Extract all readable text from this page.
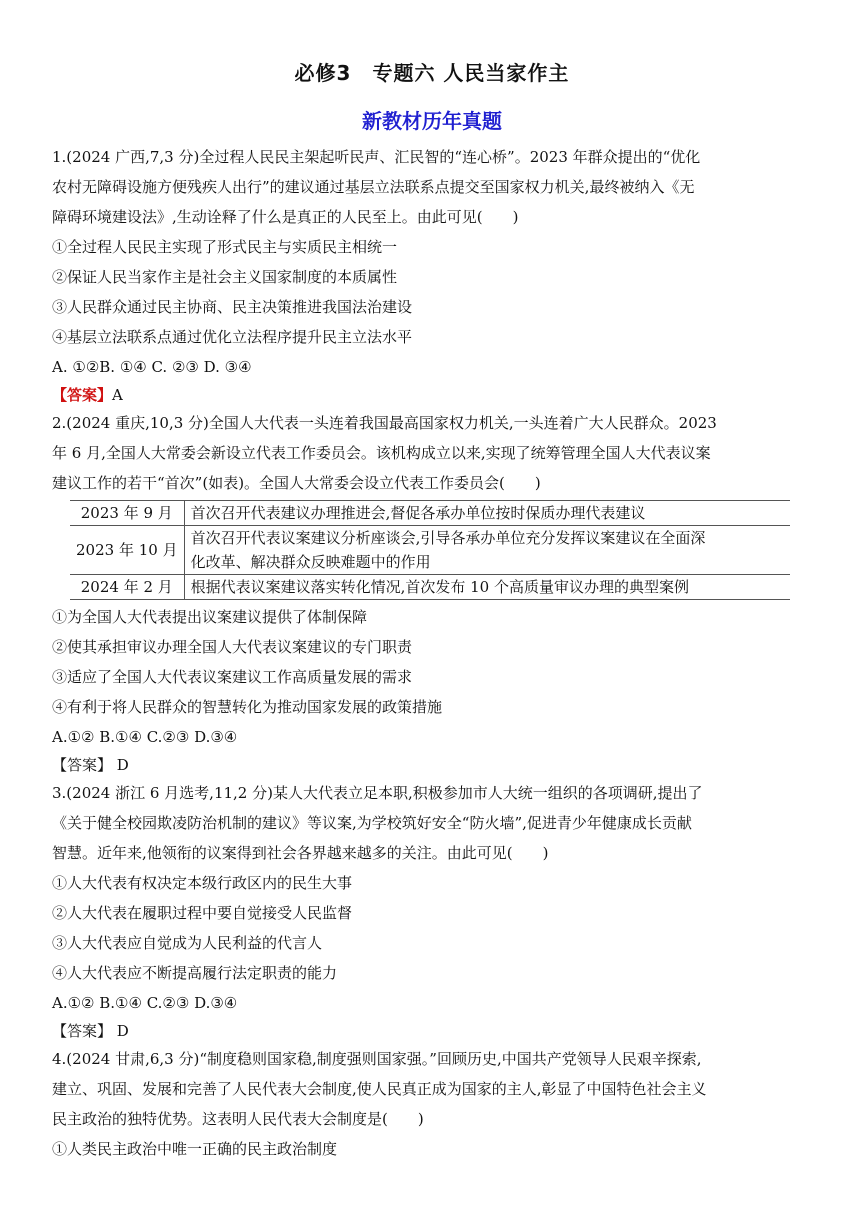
必修3　专题六 人民当家作主
新教材历年真题
1.(2024 广西,7,3 分)全过程人民民主架起听民声、汇民智的“连心桥”。2023 年群众提出的“优化
农村无障碍设施方便残疾人出行”的建议通过基层立法联系点提交至国家权力机关,最终被纳入《无
障碍环境建设法》,生动诠释了什么是真正的人民至上。由此可见(　　)
①全过程人民民主实现了形式民主与实质民主相统一
②保证人民当家作主是社会主义国家制度的本质属性
③人民群众通过民主协商、民主决策推进我国法治建设
④基层立法联系点通过优化立法程序提升民主立法水平
A. ①②B. ①④ C. ②③ D. ③④
【答案】A
2.(2024 重庆,10,3 分)全国人大代表一头连着我国最高国家权力机关,一头连着广大人民群众。2023
年 6 月,全国人大常委会新设立代表工作委员会。该机构成立以来,实现了统筹管理全国人大代表议案
建议工作的若干“首次”(如表)。全国人大常委会设立代表工作委员会(　　)
2023 年 9 月	首次召开代表建议办理推进会,督促各承办单位按时保质办理代表建议
2023 年 10 月	首次召开代表议案建议分析座谈会,引导各承办单位充分发挥议案建议在全面深
化改革、解决群众反映难题中的作用

2024 年 2 月	根据代表议案建议落实转化情况,首次发布 10 个高质量审议办理的典型案例
①为全国人大代表提出议案建议提供了体制保障
②使其承担审议办理全国人大代表议案建议的专门职责
③适应了全国人大代表议案建议工作高质量发展的需求
④有利于将人民群众的智慧转化为推动国家发展的政策措施
A.①② B.①④ C.②③ D.③④
【答案】 D
3.(2024 浙江 6 月选考,11,2 分)某人大代表立足本职,积极参加市人大统一组织的各项调研,提出了
《关于健全校园欺凌防治机制的建议》等议案,为学校筑好安全“防火墙”,促进青少年健康成长贡献
智慧。近年来,他领衔的议案得到社会各界越来越多的关注。由此可见(　　)
①人大代表有权决定本级行政区内的民生大事
②人大代表在履职过程中要自觉接受人民监督
③人大代表应自觉成为人民利益的代言人
④人大代表应不断提高履行法定职责的能力
A.①② B.①④ C.②③ D.③④
【答案】 D
4.(2024 甘肃,6,3 分)“制度稳则国家稳,制度强则国家强。”回顾历史,中国共产党领导人民艰辛探索,
建立、巩固、发展和完善了人民代表大会制度,使人民真正成为国家的主人,彰显了中国特色社会主义
民主政治的独特优势。这表明人民代表大会制度是(　　)
①人类民主政治中唯一正确的民主政治制度
